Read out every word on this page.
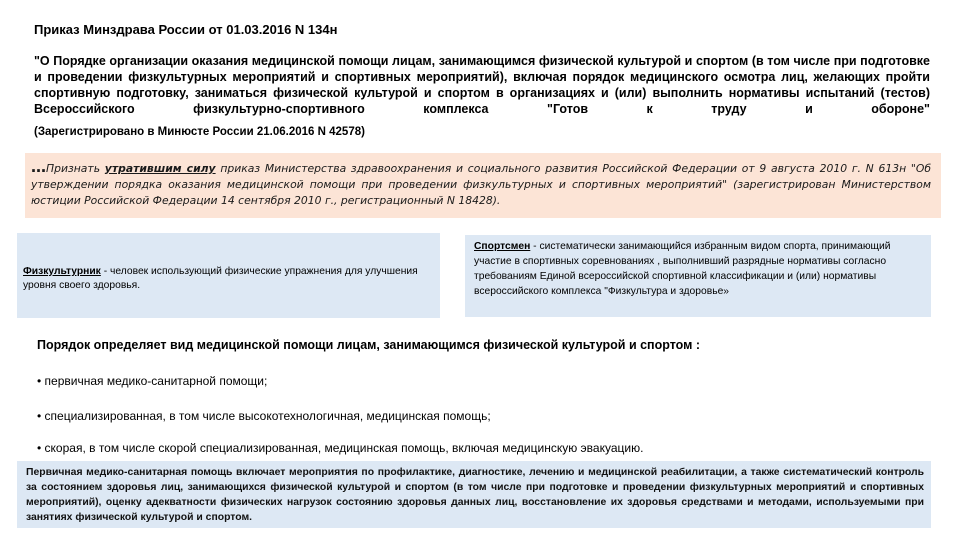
Приказ Минздрава России от 01.03.2016 N 134н
"О Порядке организации оказания медицинской помощи лицам, занимающимся физической культурой и спортом (в том числе при подготовке и проведении физкультурных мероприятий и спортивных мероприятий), включая порядок медицинского осмотра лиц, желающих пройти спортивную подготовку, заниматься физической культурой и спортом в организациях и (или) выполнить нормативы испытаний (тестов) Всероссийского физкультурно-спортивного комплекса "Готов к труду и обороне"
(Зарегистрировано в Минюсте России 21.06.2016 N 42578)
…Признать утратившим силу приказ Министерства здравоохранения и социального развития Российской Федерации от 9 августа 2010 г. N 613н "Об утверждении порядка оказания медицинской помощи при проведении физкультурных и спортивных мероприятий" (зарегистрирован Министерством юстиции Российской Федерации 14 сентября 2010 г., регистрационный N 18428).
Физкультурник - человек использующий физические упражнения для улучшения уровня своего здоровья.
Спортсмен - систематически занимающийся избранным видом спорта, принимающий участие в спортивных соревнованиях , выполнивший разрядные нормативы согласно требованиям Единой всероссийской спортивной классификации и (или) нормативы всероссийского комплекса "Физкультура и здоровье»
Порядок определяет вид медицинской помощи лицам, занимающимся физической культурой и спортом :
• первичная медико-санитарной помощи;
• специализированная, в том числе высокотехнологичная, медицинская помощь;
• скорая, в том числе скорой специализированная, медицинская помощь, включая медицинскую эвакуацию.
Первичная медико-санитарная помощь включает мероприятия по профилактике, диагностике, лечению и медицинской реабилитации, а также систематический контроль за состоянием здоровья лиц, занимающихся физической культурой и спортом (в том числе при подготовке и проведении физкультурных мероприятий и спортивных мероприятий), оценку адекватности физических нагрузок состоянию здоровья данных лиц, восстановление их здоровья средствами и методами, используемыми при занятиях физической культурой и спортом.
